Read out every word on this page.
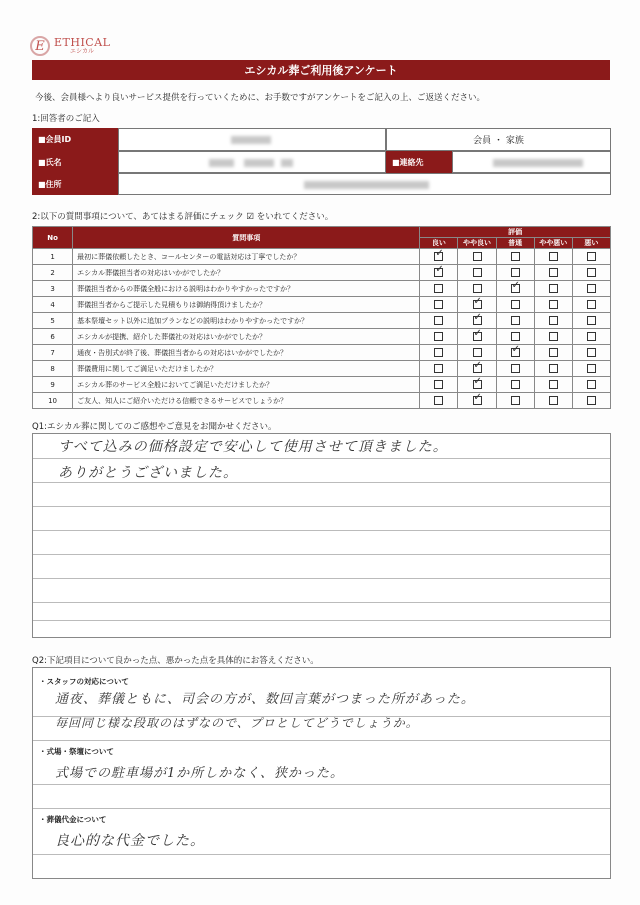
E ETHICAL
エシカル
エシカル葬ご利用後アンケート
今後、会員様へより良いサービス提供を行っていくために、お手数ですがアンケートをご記入の上、ご返送ください。
1:回答者のご記入
■会員ID	会員 ・ 家族
■氏名	■連絡先
■住所
2:以下の質問事項について、あてはまる評価にチェック ☑ をいれてください。
No	質問事項	評価				
		良い	やや良い	普通	やや悪い	悪い
1	最初に葬儀依頼したとき、コールセンターの電話対応は丁寧でしたか？	✓				
2	エシカル葬儀担当者の対応はいかがでしたか？	✓				
3	葬儀担当者からの葬儀全般における説明はわかりやすかったですか？			✓		
4	葬儀担当者からご提示した見積もりは御納得頂けましたか？		✓			
5	基本祭壇セット以外に追加プランなどの説明はわかりやすかったですか？		✓			
6	エシカルが提携、紹介した葬儀社の対応はいかがでしたか？		✓			
7	通夜・告別式が終了後、葬儀担当者からの対応はいかがでしたか？			✓		
8	葬儀費用に関してご満足いただけましたか？		✓			
9	エシカル葬のサービス全般においてご満足いただけましたか？		✓			
10	ご友人、知人にご紹介いただける信頼できるサービスでしょうか？		✓			
Q1:エシカル葬に関してのご感想やご意見をお聞かせください。
すべて込みの価格設定で安心して使用させて頂きました。
ありがとうございました。
Q2:下記項目について良かった点、悪かった点を具体的にお答えください。
・スタッフの対応について
通夜、葬儀ともに、司会の方が、数回言葉がつまった所があった。
毎回同じ様な段取のはずなので、プロとしてどうでしょうか。
・式場・祭壇について
式場での駐車場が1か所しかなく、狭かった。
・葬儀代金について
良心的な代金でした。
